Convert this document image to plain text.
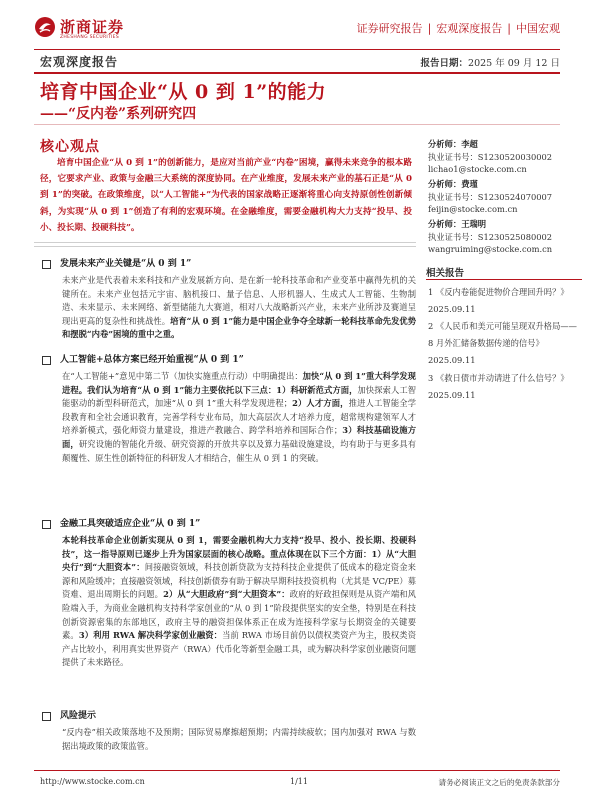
浙商证券
ZHESHANG SECURITIES
证券研究报告 | 宏观深度报告 | 中国宏观
宏观深度报告	报告日期：2025 年 09 月 12 日
培育中国企业“从 0 到 1”的能力
——“反内卷”系列研究四
核心观点
培育中国企业“从 0 到 1”的创新能力，是应对当前产业“内卷”困境，赢得未来竞争的根本路径，它要求产业、政策与金融三大系统的深度协同。在产业维度，发展未来产业的基石正是“从 0 到 1”的突破。在政策维度，以“人工智能+”为代表的国家战略正逐渐将重心向支持原创性创新倾斜，为实现“从 0 到 1”创造了有利的宏观环境。在金融维度，需要金融机构大力支持“投早、投小、投长期、投硬科技”。
发展未来产业关键是“从 0 到 1”
未来产业是代表着未来科技和产业发展新方向、是在新一轮科技革命和产业变革中赢得先机的关键所在。未来产业包括元宇宙、脑机接口、量子信息、人形机器人、生成式人工智能、生物制造、未来显示、未来网络、新型储能九大赛道，相对八大战略新兴产业，未来产业所涉及赛道呈现出更高的复杂性和挑战性。培育“从 0 到 1”能力是中国企业争夺全球新一轮科技革命先发优势和摆脱“内卷”困境的重中之重。
人工智能+总体方案已经开始重视“从 0 到 1”
在“人工智能+”意见中第二节（加快实施重点行动）中明确提出：加快“从 0 到 1”重大科学发现进程。我们认为培育“从 0 到 1”能力主要依托以下三点：1）科研新范式方面，加快探索人工智能驱动的新型科研范式，加速“从 0 到 1”重大科学发现进程；2）人才方面，推进人工智能全学段教育和全社会通识教育，完善学科专业布局，加大高层次人才培养力度，超常规构建领军人才培养新模式，强化师资力量建设，推进产教融合、跨学科培养和国际合作；3）科技基础设施方面，研究设施的智能化升级、研究资源的开放共享以及算力基础设施建设，均有助于与更多具有颠覆性、原生性创新特征的科研发人才相结合，催生从 0 到 1 的突破。
金融工具突破适应企业“从 0 到 1”
本轮科技革命企业创新实现从 0 到 1，需要金融机构大力支持“投早、投小、投长期、投硬科技”，这一指导原则已逐步上升为国家层面的核心战略。重点体现在以下三个方面：1）从“大胆央行”到“大胆资本”：间接融资领域，科技创新贷款为支持科技企业提供了低成本的稳定资金来源和风险缓冲；直接融资领域，科技创新债券有助于解决早期科技投资机构（尤其是 VC/PE）募资难、退出周期长的问题。2）从“大胆政府”到“大胆资本”：政府的好政担保则是从资产端和风险端入手，为商业金融机构支持科学家创业的“从 0 到 1”阶段提供坚实的安全垫，特别是在科技创新资源密集的东部地区，政府主导的融资担保体系正在成为连接科学家与长期资金的关键要素。3）利用 RWA 解决科学家创业融资：当前 RWA 市场目前仍以债权类资产为主，股权类资产占比较小，利用真实世界资产（RWA）代币化等新型金融工具，或为解决科学家创业融资问题提供了未来路径。
风险提示
“反内卷”相关政策落地不及预期；国际贸易摩擦超预期；内需持续疲软；国内加强对 RWA 与数据出境政策的政策监管。
分析师：李超
执业证书号：S1230520030002
lichao1@stocke.com.cn
分析师：费瑾
执业证书号：S1230524070007
feijin@stocke.com.cn
分析师：王瑞明
执业证书号：S1230525080002
wangruiming@stocke.com.cn
相关报告
1 《反内卷能促进物价合理回升吗？》 2025.09.11
2 《人民币和美元可能呈现双升格局——8 月外汇储备数据传递的信号》 2025.09.11
3 《救日债市并动请进了什么信号？》 2025.09.11
http://www.stocke.com.cn	1/11	请务必阅读正文之后的免责条款部分
